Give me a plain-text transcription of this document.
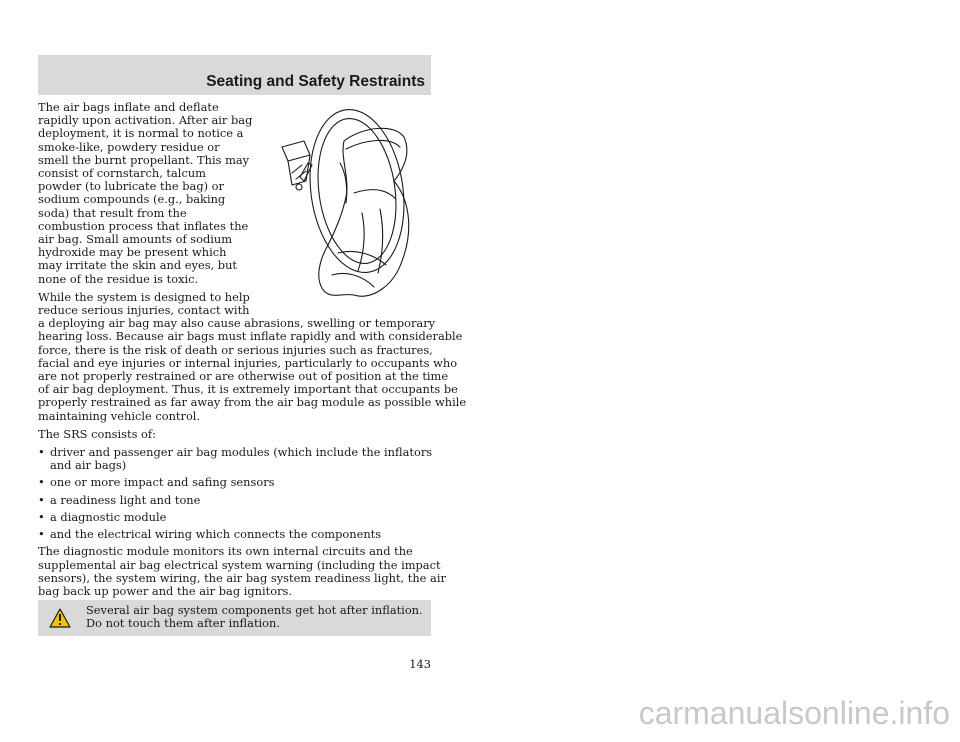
Seating and Safety Restraints

The air bags inflate and deflate
rapidly upon activation. After air bag
deployment, it is normal to notice a
smoke-like, powdery residue or
smell the burnt propellant. This may
consist of cornstarch, talcum
powder (to lubricate the bag) or
sodium compounds (e.g., baking
soda) that result from the
combustion process that inflates the
air bag. Small amounts of sodium
hydroxide may be present which
may irritate the skin and eyes, but
none of the residue is toxic.

While the system is designed to help
reduce serious injuries, contact with
a deploying air bag may also cause abrasions, swelling or temporary
hearing loss. Because air bags must inflate rapidly and with considerable
force, there is the risk of death or serious injuries such as fractures,
facial and eye injuries or internal injuries, particularly to occupants who
are not properly restrained or are otherwise out of position at the time
of air bag deployment. Thus, it is extremely important that occupants be
properly restrained as far away from the air bag module as possible while
maintaining vehicle control.

The SRS consists of:

• driver and passenger air bag modules (which include the inflators and air bags)
• one or more impact and safing sensors
• a readiness light and tone
• a diagnostic module
• and the electrical wiring which connects the components

The diagnostic module monitors its own internal circuits and the
supplemental air bag electrical system warning (including the impact
sensors), the system wiring, the air bag system readiness light, the air
bag back up power and the air bag ignitors.

Several air bag system components get hot after inflation. Do not touch them after inflation.
143
carmanualsonline.info
